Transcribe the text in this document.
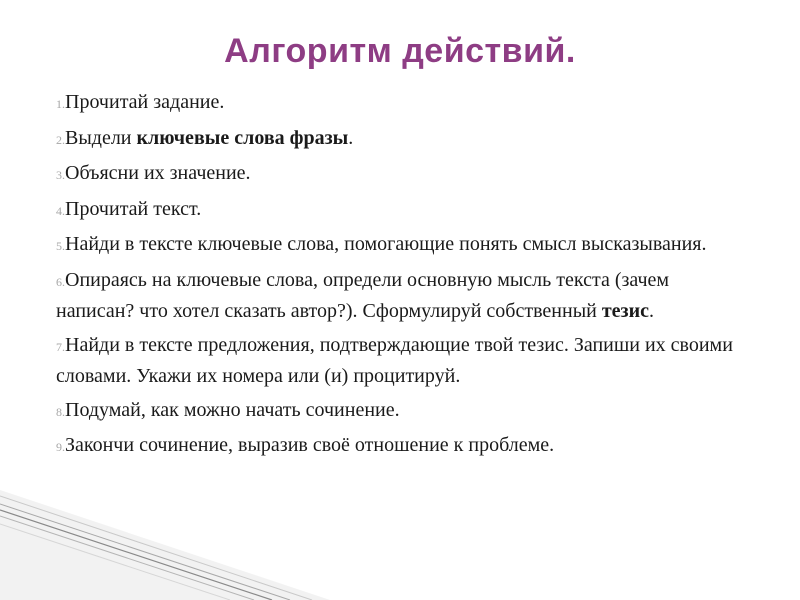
Алгоритм действий.
1.Прочитай задание.
2.Выдели ключевые слова фразы.
3.Объясни их значение.
4.Прочитай текст.
5.Найди в тексте ключевые слова, помогающие понять смысл высказывания.
6.Опираясь на ключевые слова, определи основную мысль текста (зачем написан? что хотел сказать автор?). Сформулируй собственный тезис.
7.Найди в тексте предложения, подтверждающие твой тезис. Запиши их своими словами. Укажи их номера или (и) процитируй.
8.Подумай, как можно начать сочинение.
9.Закончи сочинение, выразив своё отношение к проблеме.
